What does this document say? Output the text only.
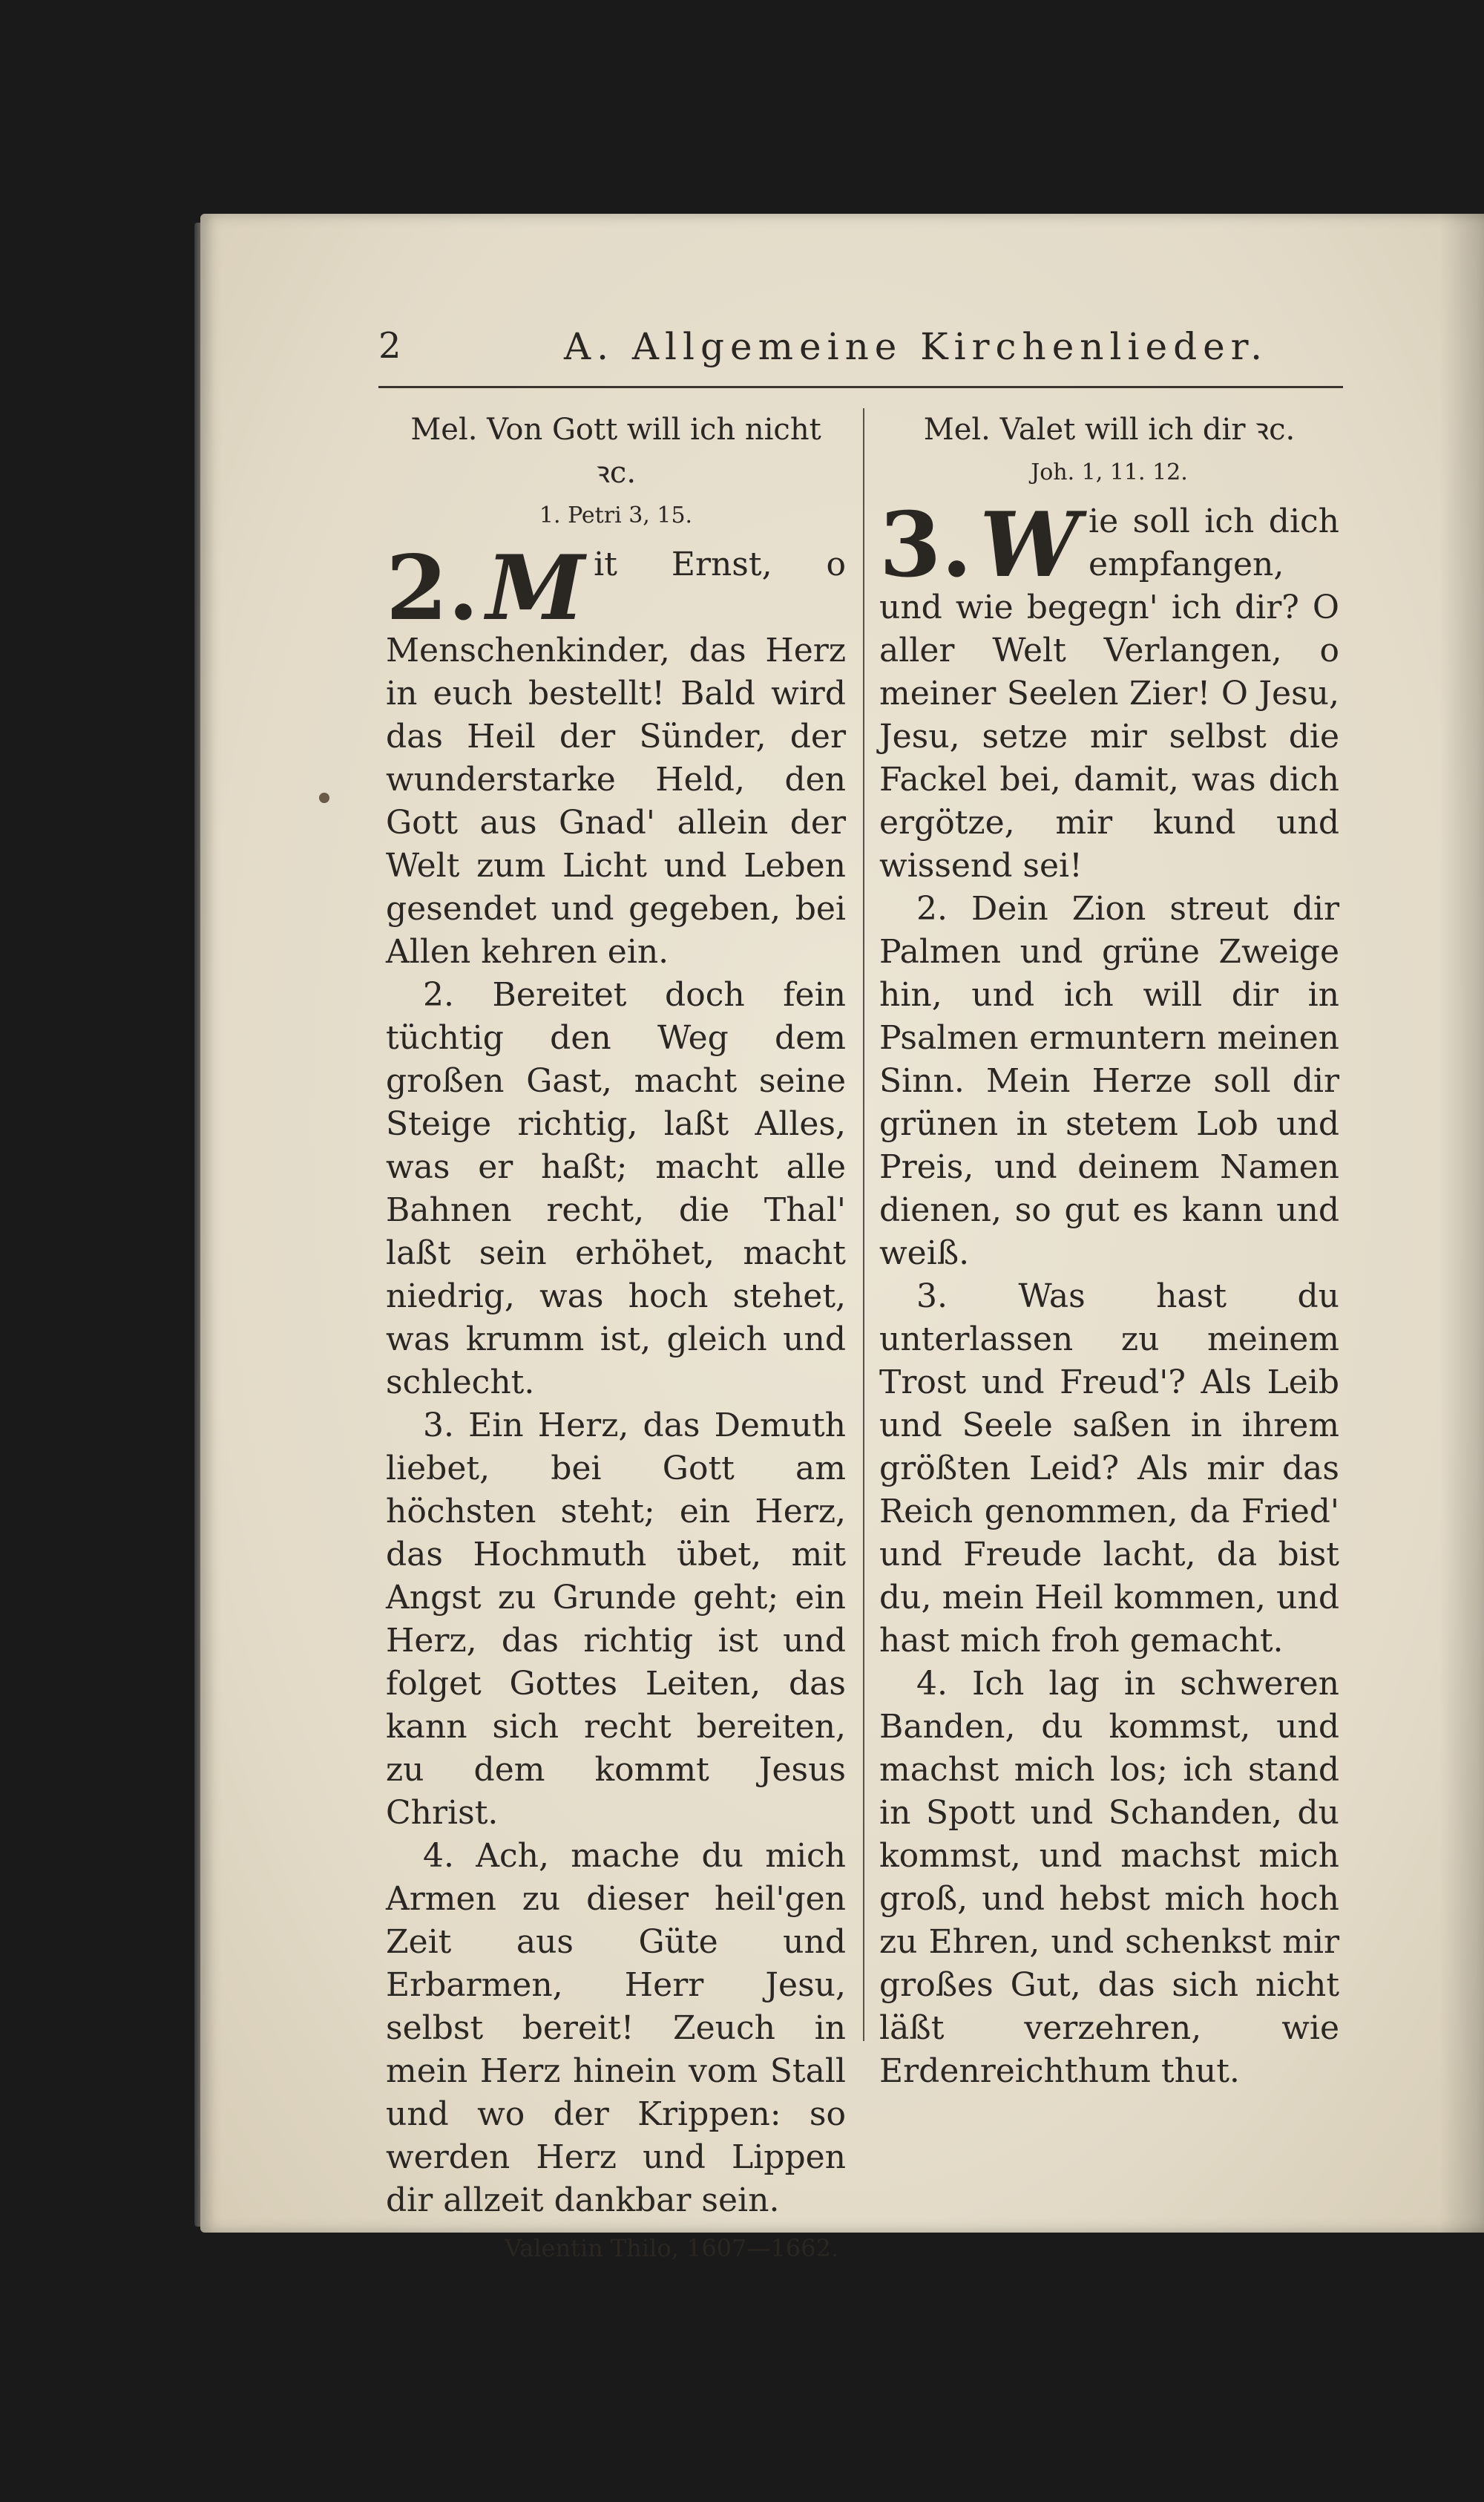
2	A. Allgemeine Kirchenlieder.

Mel. Von Gott will ich nicht ꝛc.

1. Petri 3, 15.

2. M it Ernst, o Menschenkinder, das Herz in euch bestellt! Bald wird das Heil der Sünder, der wunderstarke Held, den Gott aus Gnad' allein der Welt zum Licht und Leben gesendet und gegeben, bei Allen kehren ein.

2. Bereitet doch fein tüchtig den Weg dem großen Gast, macht seine Steige richtig, laßt Alles, was er haßt; macht alle Bahnen recht, die Thal' laßt sein erhöhet, macht niedrig, was hoch stehet, was krumm ist, gleich und schlecht.

3. Ein Herz, das Demuth liebet, bei Gott am höchsten steht; ein Herz, das Hochmuth übet, mit Angst zu Grunde geht; ein Herz, das richtig ist und folget Gottes Leiten, das kann sich recht bereiten, zu dem kommt Jesus Christ.

4. Ach, mache du mich Armen zu dieser heil'gen Zeit aus Güte und Erbarmen, Herr Jesu, selbst bereit! Zeuch in mein Herz hinein vom Stall und wo der Krippen: so werden Herz und Lippen dir allzeit dankbar sein.

Valentin Thilo, 1607—1662.

Mel. Valet will ich dir ꝛc.

Joh. 1, 11. 12.

3. W ie soll ich dich empfangen, und wie begegn' ich dir? O aller Welt Verlangen, o meiner Seelen Zier! O Jesu, Jesu, setze mir selbst die Fackel bei, damit, was dich ergötze, mir kund und wissend sei!

2. Dein Zion streut dir Palmen und grüne Zweige hin, und ich will dir in Psalmen ermuntern meinen Sinn. Mein Herze soll dir grünen in stetem Lob und Preis, und deinem Namen dienen, so gut es kann und weiß.

3. Was hast du unterlassen zu meinem Trost und Freud'? Als Leib und Seele saßen in ihrem größten Leid? Als mir das Reich genommen, da Fried' und Freude lacht, da bist du, mein Heil kommen, und hast mich froh gemacht.

4. Ich lag in schweren Banden, du kommst, und machst mich los; ich stand in Spott und Schanden, du kommst, und machst mich groß, und hebst mich hoch zu Ehren, und schenkst mir großes Gut, das sich nicht läßt verzehren, wie Erdenreichthum thut.
